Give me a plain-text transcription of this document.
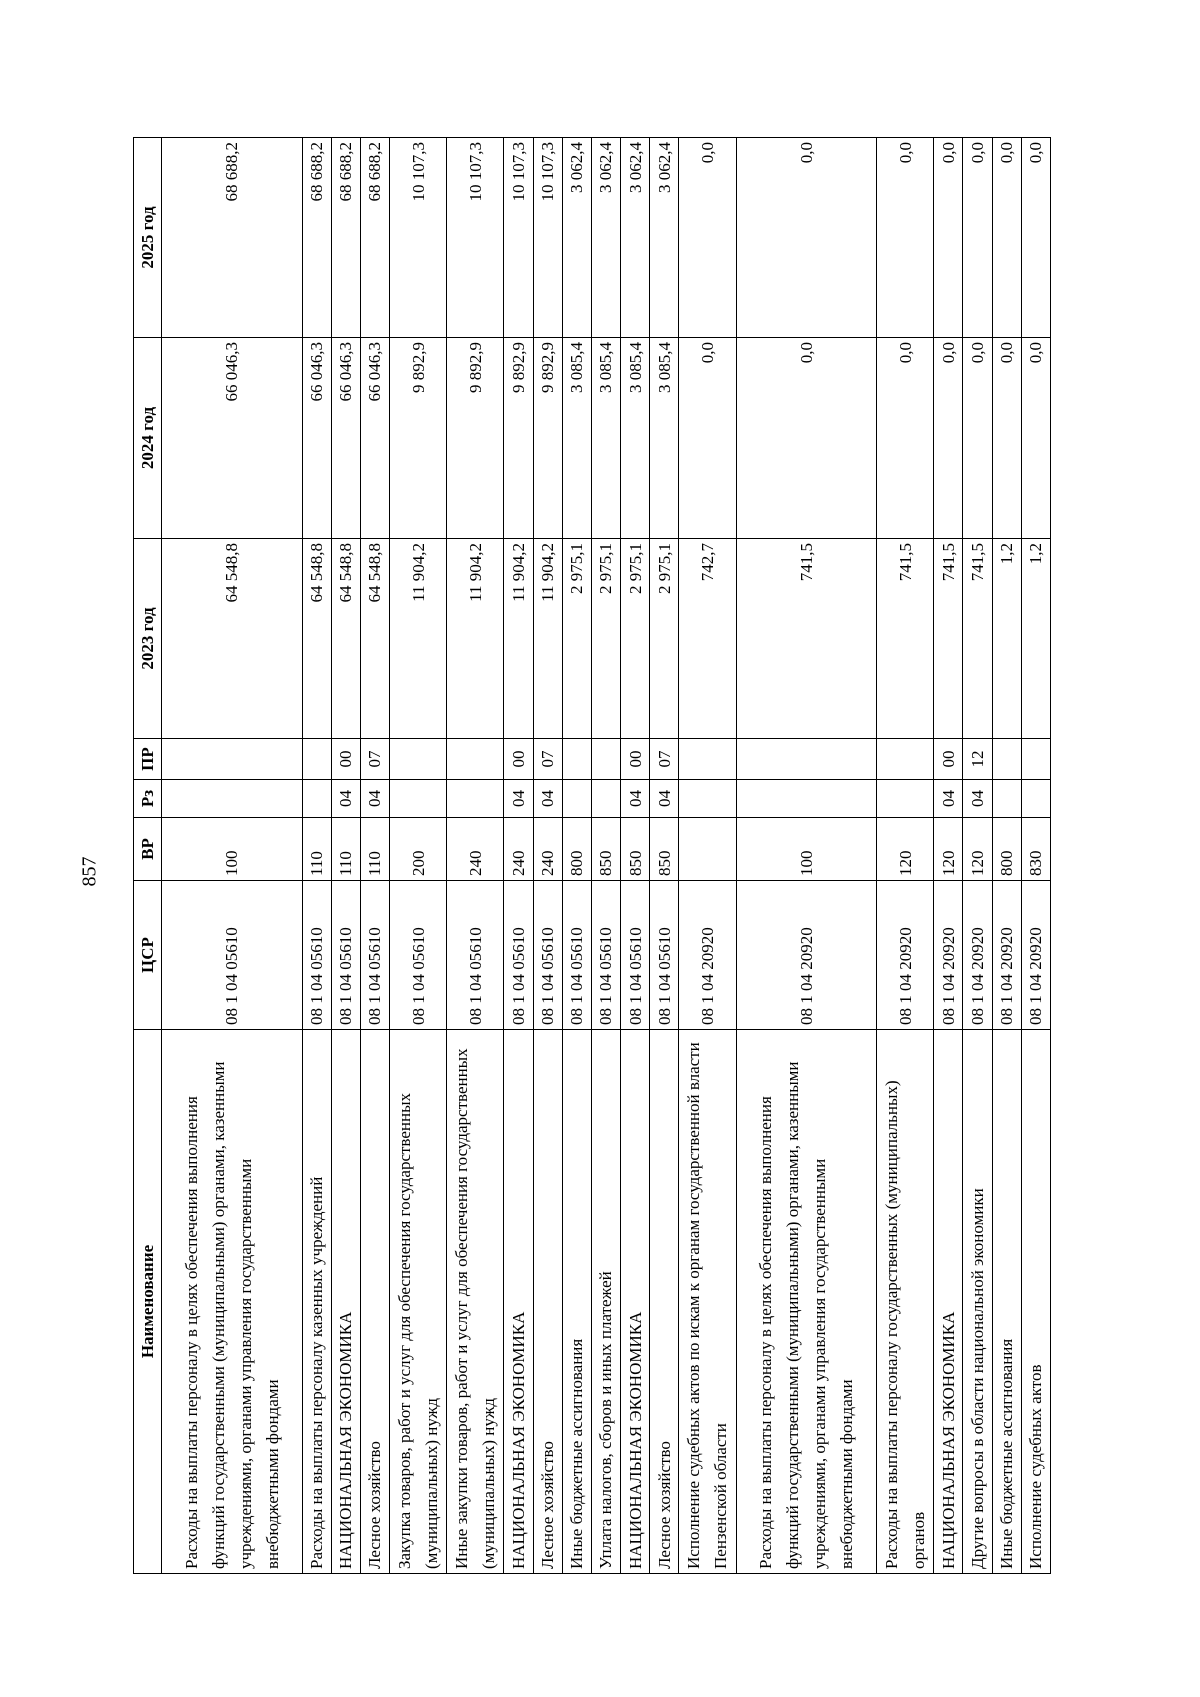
857
Наименование	ЦСР	ВР	Рз	ПР	2023 год	2024 год	2025 год
Расходы на выплаты персоналу в целях обеспечения выполнения функций государственными (муниципальными) органами, казенными учреждениями, органами управления государственными внебюджетными фондами	08 1 04 05610	100			64 548,8	66 046,3	68 688,2
Расходы на выплаты персоналу казенных учреждений	08 1 04 05610	110			64 548,8	66 046,3	68 688,2
НАЦИОНАЛЬНАЯ ЭКОНОМИКА	08 1 04 05610	110	04	00	64 548,8	66 046,3	68 688,2
Лесное хозяйство	08 1 04 05610	110	04	07	64 548,8	66 046,3	68 688,2
Закупка товаров, работ и услуг для обеспечения государственных (муниципальных) нужд	08 1 04 05610	200			11 904,2	9 892,9	10 107,3
Иные закупки товаров, работ и услуг для обеспечения государственных (муниципальных) нужд	08 1 04 05610	240			11 904,2	9 892,9	10 107,3
НАЦИОНАЛЬНАЯ ЭКОНОМИКА	08 1 04 05610	240	04	00	11 904,2	9 892,9	10 107,3
Лесное хозяйство	08 1 04 05610	240	04	07	11 904,2	9 892,9	10 107,3
Иные бюджетные ассигнования	08 1 04 05610	800			2 975,1	3 085,4	3 062,4
Уплата налогов, сборов и иных платежей	08 1 04 05610	850			2 975,1	3 085,4	3 062,4
НАЦИОНАЛЬНАЯ ЭКОНОМИКА	08 1 04 05610	850	04	00	2 975,1	3 085,4	3 062,4
Лесное хозяйство	08 1 04 05610	850	04	07	2 975,1	3 085,4	3 062,4
Исполнение судебных актов по искам к органам государственной власти Пензенской области	08 1 04 20920				742,7	0,0	0,0
Расходы на выплаты персоналу в целях обеспечения выполнения функций государственными (муниципальными) органами, казенными учреждениями, органами управления государственными внебюджетными фондами	08 1 04 20920	100			741,5	0,0	0,0
Расходы на выплаты персоналу государственных (муниципальных) органов	08 1 04 20920	120			741,5	0,0	0,0
НАЦИОНАЛЬНАЯ ЭКОНОМИКА	08 1 04 20920	120	04	00	741,5	0,0	0,0
Другие вопросы в области национальной экономики	08 1 04 20920	120	04	12	741,5	0,0	0,0
Иные бюджетные ассигнования	08 1 04 20920	800			1,2	0,0	0,0
Исполнение судебных актов	08 1 04 20920	830			1,2	0,0	0,0
